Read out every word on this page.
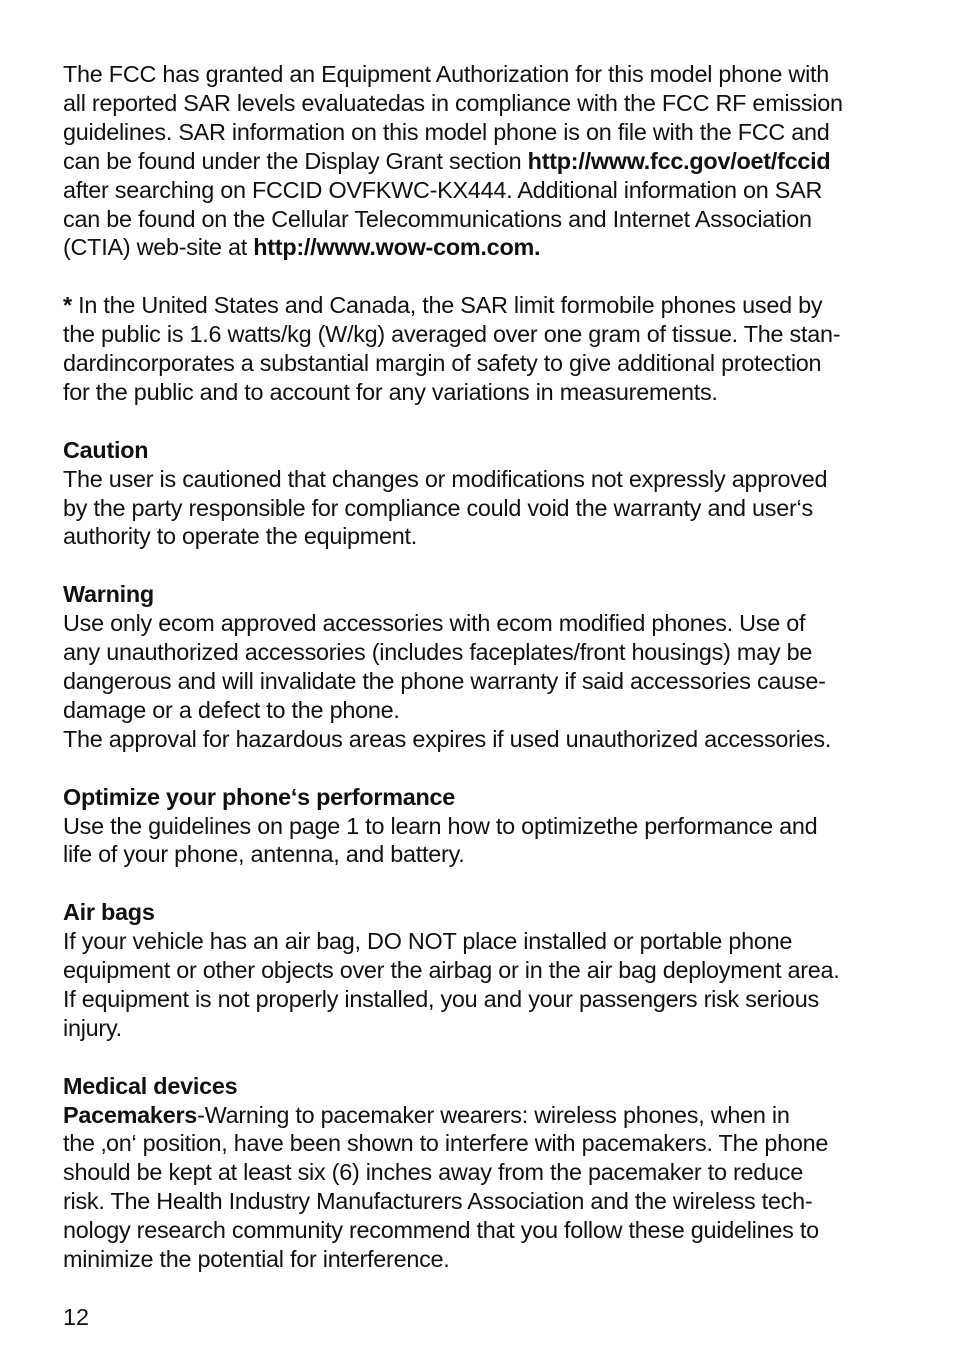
The FCC has granted an Equipment Authorization for this model phone with

all reported SAR levels evaluatedas in compliance with the FCC RF emission

guidelines. SAR information on this model phone is on file with the FCC and

can be found under the Display Grant section http://www.fcc.gov/oet/fccid

after searching on FCCID OVFKWC-KX444. Additional information on SAR

can be found on the Cellular Telecommunications and Internet Association

(CTIA) web-site at http://www.wow-com.com.

* In the United States and Canada, the SAR limit formobile phones used by

the public is 1.6 watts/kg (W/kg) averaged over one gram of tissue. The stan-

dardincorporates a substantial margin of safety to give additional protection

for the public and to account for any variations in measurements.

Caution

The user is cautioned that changes or modifications not expressly approved

by the party responsible for compliance could void the warranty and user‘s

authority to operate the equipment.

Warning

Use only ecom approved accessories with ecom modified phones. Use of

any unauthorized accessories (includes faceplates/front housings) may be

dangerous and will invalidate the phone warranty if said accessories cause-

damage or a defect to the phone.

The approval for hazardous areas expires if used unauthorized accessories.

Optimize your phone‘s performance

Use the guidelines on page 1 to learn how to optimizethe performance and

life of your phone, antenna, and battery.

Air bags

If your vehicle has an air bag, DO NOT place installed or portable phone

equipment or other objects over the airbag or in the air bag deployment area.

If equipment is not properly installed, you and your passengers risk serious

injury.

Medical devices

Pacemakers-Warning to pacemaker wearers: wireless phones, when in

the ‚on‘ position, have been shown to interfere with pacemakers. The phone

should be kept at least six (6) inches away from the pacemaker to reduce

risk. The Health Industry Manufacturers Association and the wireless tech-

nology research community recommend that you follow these guidelines to

minimize the potential for interference.

12
